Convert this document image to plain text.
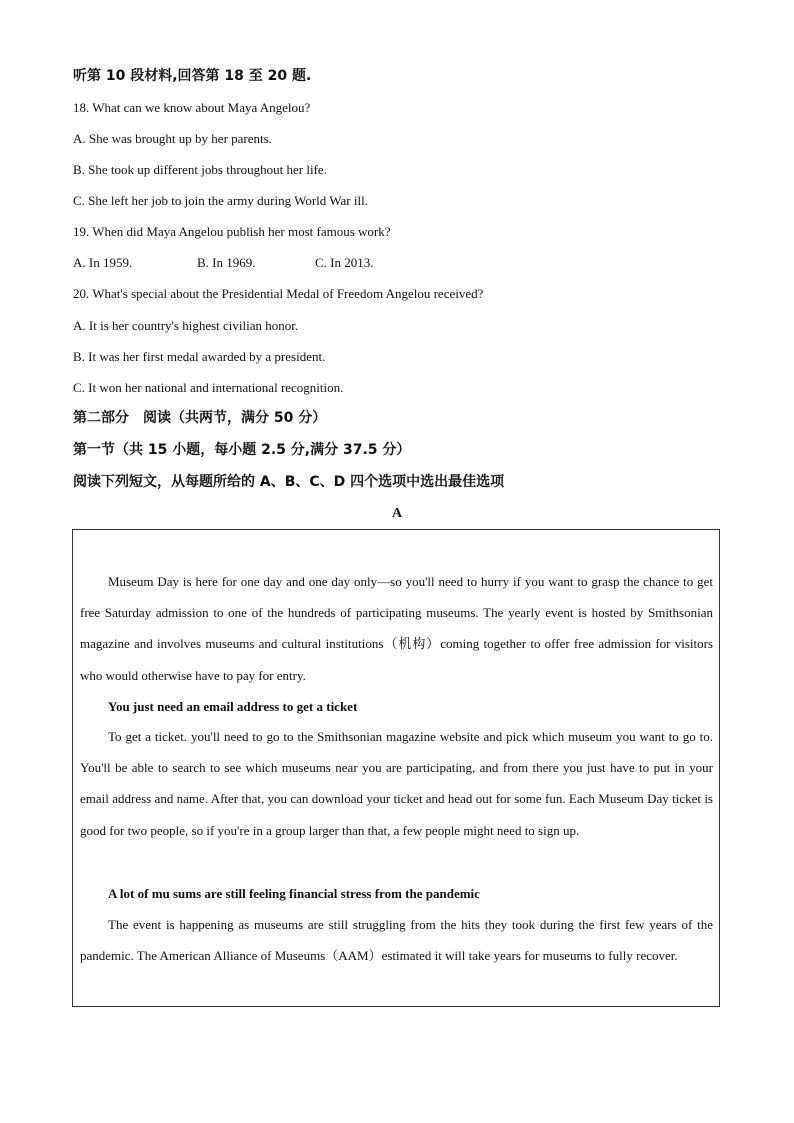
听第 10 段材料,回答第 18 至 20 题.
18. What can we know about Maya Angelou?
A. She was brought up by her parents.
B. She took up different jobs throughout her life.
C. She left her job to join the army during World War ill.
19. When did Maya Angelou publish her most famous work?
A. In 1959.	B. In 1969.	C. In 2013.
20. What's special about the Presidential Medal of Freedom Angelou received?
A. It is her country's highest civilian honor.
B. It was her first medal awarded by a president.
C. It won her national and international recognition.
第二部分　阅读（共两节，满分 50 分）
第一节（共 15 小题，每小题 2.5 分,满分 37.5 分）
阅读下列短文，从每题所给的 A、B、C、D 四个选项中选出最佳选项
A

Museum Day is here for one day and one day only—so you'll need to hurry if you want to grasp the chance to get free Saturday admission to one of the hundreds of participating museums. The yearly event is hosted by Smithsonian magazine and involves museums and cultural institutions（机构）coming together to offer free admission for visitors who would otherwise have to pay for entry.

You just need an email address to get a ticket

To get a ticket. you'll need to go to the Smithsonian magazine website and pick which museum you want to go to. You'll be able to search to see which museums near you are participating, and from there you just have to put in your email address and name. After that, you can download your ticket and head out for some fun. Each Museum Day ticket is good for two people, so if you're in a group larger than that, a few people might need to sign up.

A lot of mu sums are still feeling financial stress from the pandemic

The event is happening as museums are still struggling from the hits they took during the first few years of the pandemic. The American Alliance of Museums（AAM）estimated it will take years for museums to fully recover.
